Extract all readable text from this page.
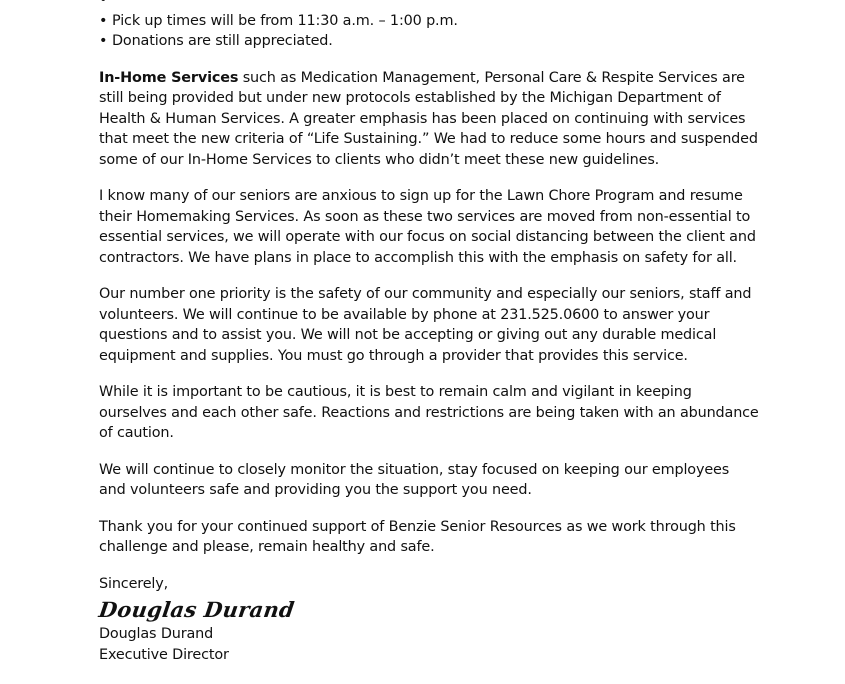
•
• Pick up times will be from 11:30 a.m. – 1:00 p.m.
• Donations are still appreciated.

In-Home Services such as Medication Management, Personal Care & Respite Services are still being provided but under new protocols established by the Michigan Department of Health & Human Services. A greater emphasis has been placed on continuing with services that meet the new criteria of “Life Sustaining.” We had to reduce some hours and suspended some of our In-Home Services to clients who didn’t meet these new guidelines.

I know many of our seniors are anxious to sign up for the Lawn Chore Program and resume their Homemaking Services. As soon as these two services are moved from non-essential to essential services, we will operate with our focus on social distancing between the client and contractors. We have plans in place to accomplish this with the emphasis on safety for all.

Our number one priority is the safety of our community and especially our seniors, staff and volunteers. We will continue to be available by phone at 231.525.0600 to answer your questions and to assist you. We will not be accepting or giving out any durable medical equipment and supplies. You must go through a provider that provides this service.

While it is important to be cautious, it is best to remain calm and vigilant in keeping ourselves and each other safe. Reactions and restrictions are being taken with an abundance of caution.

We will continue to closely monitor the situation, stay focused on keeping our employees and volunteers safe and providing you the support you need.

Thank you for your continued support of Benzie Senior Resources as we work through this challenge and please, remain healthy and safe.

Sincerely,

Douglas Durand

Douglas Durand

Executive Director
